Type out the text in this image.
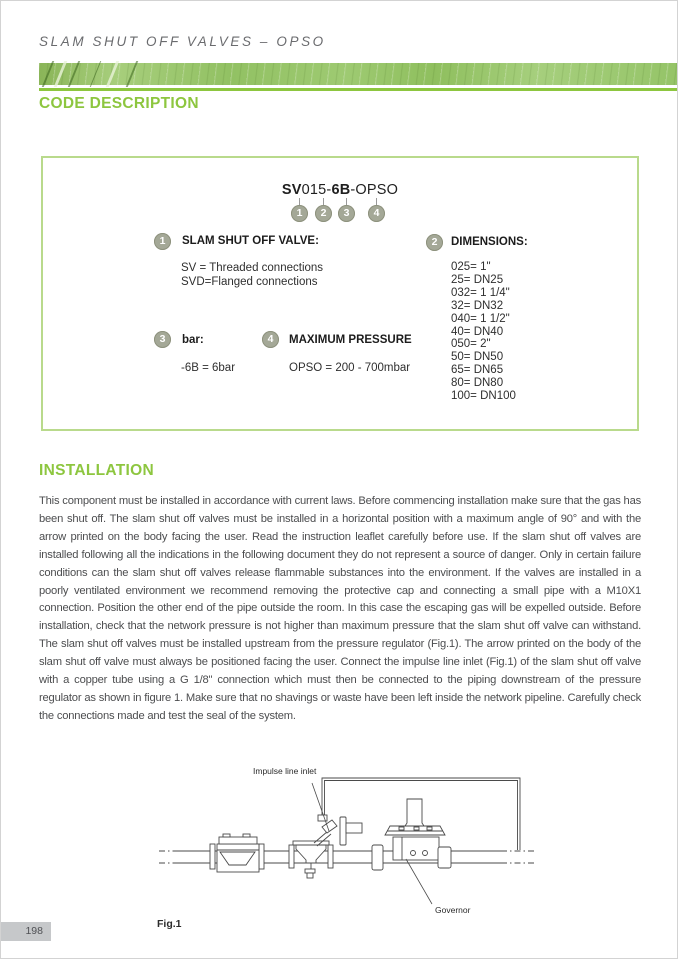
SLAM SHUT OFF VALVES – OPSO
CODE DESCRIPTION
SV015-6B-OPSO
1	2	3	4
1	SLAM SHUT OFF VALVE:
SV = Threaded connections
SVD=Flanged connections
2	DIMENSIONS:
025= 1"
25= DN25
032= 1 1/4"
32= DN32
040= 1 1/2"
40= DN40
050= 2"
50= DN50
65= DN65
80= DN80
100= DN100
3	bar:
-6B = 6bar
4	MAXIMUM PRESSURE
OPSO = 200 - 700mbar
INSTALLATION

This component must be installed in accordance with current laws. Before commencing installation make sure that the gas has been shut off. The slam shut off valves must be installed in a horizontal position with a maximum angle of 90° and with the arrow printed on the body facing the user. Read the instruction leaflet carefully before use. If the slam shut off valves are installed following all the indications in the following document they do not represent a source of danger. Only in certain failure conditions can the slam shut off valves release flammable substances into the environment. If the valves are installed in a poorly ventilated environment we recommend removing the protective cap and connecting a small pipe with a M10X1 connection. Position the other end of the pipe outside the room. In this case the escaping gas will be expelled outside. Before installation, check that the network pressure is not higher than maximum pressure that the slam shut off valve can withstand. The slam shut off valves must be installed upstream from the pressure regulator (Fig.1). The arrow printed on the body of the slam shut off valve must always be positioned facing the user. Connect the impulse line inlet (Fig.1) of the slam shut off valve with a copper tube using a G 1/8" connection which must then be connected to the piping downstream of the pressure regulator as shown in figure 1. Make sure that no shavings or waste have been left inside the network pipeline. Carefully check the connections made and test the seal of the system.

Impulse line inlet
Governor
Fig.1
198
